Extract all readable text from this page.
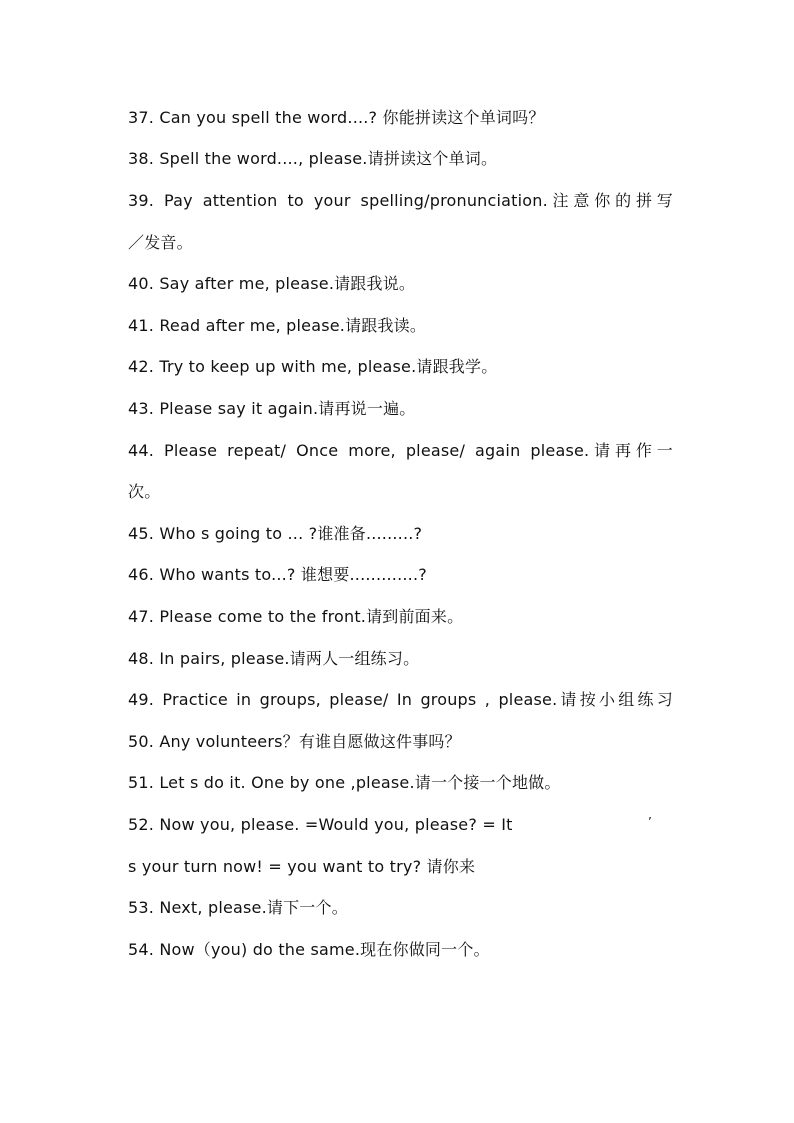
37. Can you spell the word....? 你能拼读这个单词吗？
38. Spell the word...., please.请拼读这个单词。
39. Pay attention to your spelling/pronunciation.注意你的拼写
／发音。
40. Say after me, please.请跟我说。
41. Read after me, please.请跟我读。
42. Try to keep up with me, please.请跟我学。
43. Please say it again.请再说一遍。
44. Please repeat/ Once more, please/ again please.请再作一
次。
45. Who s going to ... ?谁准备.........?
46. Who wants to...? 谁想要.............?
47. Please come to the front.请到前面来。
48. In pairs, please.请两人一组练习。
49. Practice in groups, please/ In groups , please.请按小组练习
50. Any volunteers？有谁自愿做这件事吗？
51. Let s do it. One by one ,please.请一个接一个地做。
52. Now you, please. =Would you, please? = It	’
s your turn now! = you want to try? 请你来
53. Next, please.请下一个。
54. Now（you) do the same.现在你做同一个。
